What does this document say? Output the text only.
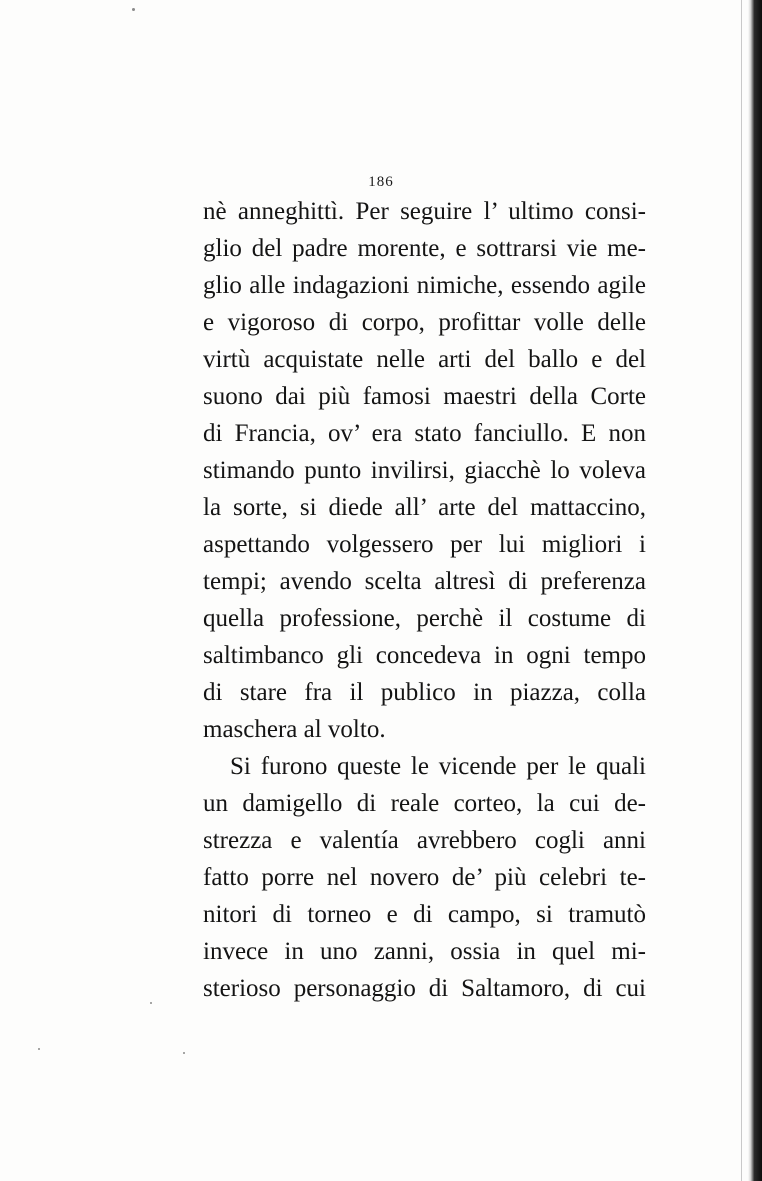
186
nè anneghittì. Per seguire l’ ultimo consi-
glio del padre morente, e sottrarsi vie me-
glio alle indagazioni nimiche, essendo agile
e vigoroso di corpo, profittar volle delle
virtù acquistate nelle arti del ballo e del
suono dai più famosi maestri della Corte
di Francia, ov’ era stato fanciullo. E non
stimando punto invilirsi, giacchè lo voleva
la sorte, si diede all’ arte del mattaccino,
aspettando volgessero per lui migliori i
tempi; avendo scelta altresì di preferenza
quella professione, perchè il costume di
saltimbanco gli concedeva in ogni tempo
di stare fra il publico in piazza, colla
maschera al volto.
Si furono queste le vicende per le quali
un damigello di reale corteo, la cui de-
strezza e valentía avrebbero cogli anni
fatto porre nel novero de’ più celebri te-
nitori di torneo e di campo, si tramutò
invece in uno zanni, ossia in quel mi-
sterioso personaggio di Saltamoro, di cui
